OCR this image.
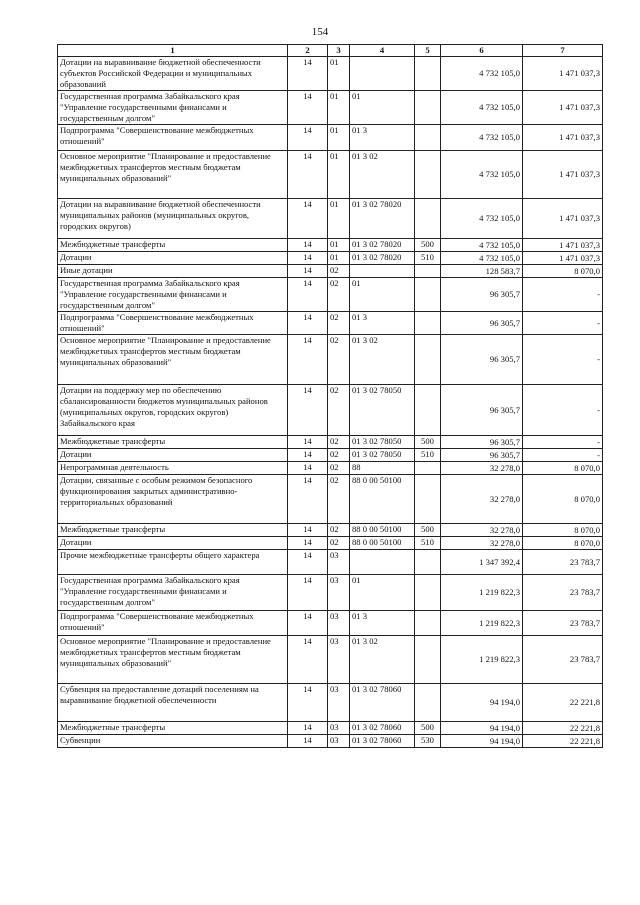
154
1	2	3	4	5	6	7
Дотации на выравнивание бюджетной обеспеченности субъектов Российской Федерации и муниципальных образований	14	01			4 732 105,0	1 471 037,3
Государственная программа Забайкальского края "Управление государственными финансами и государственным долгом"	14	01	01		4 732 105,0	1 471 037,3
Подпрограмма "Совершенствование межбюджетных отношений"	14	01	01 3		4 732 105,0	1 471 037,3
Основное мероприятие "Планирование и предоставление межбюджетных трансфертов местным бюджетам муниципальных образований"	14	01	01 3 02		4 732 105,0	1 471 037,3
Дотации на выравнивание бюджетной обеспеченности муниципальных районов (муниципальных округов, городских округов)	14	01	01 3 02 78020		4 732 105,0	1 471 037,3
Межбюджетные трансферты	14	01	01 3 02 78020	500	4 732 105,0	1 471 037,3
Дотации	14	01	01 3 02 78020	510	4 732 105,0	1 471 037,3
Иные дотации	14	02			128 583,7	8 070,0
Государственная программа Забайкальского края "Управление государственными финансами и государственным долгом"	14	02	01		96 305,7	-
Подпрограмма "Совершенствование межбюджетных отношений"	14	02	01 3		96 305,7	-
Основное мероприятие "Планирование и предоставление межбюджетных трансфертов местным бюджетам муниципальных образований"	14	02	01 3 02		96 305,7	-
Дотации на поддержку мер по обеспечению сбалансированности бюджетов муниципальных районов (муниципальных округов, городских округов) Забайкальского края	14	02	01 3 02 78050		96 305,7	-
Межбюджетные трансферты	14	02	01 3 02 78050	500	96 305,7	-
Дотации	14	02	01 3 02 78050	510	96 305,7	-
Непрограммная деятельность	14	02	88		32 278,0	8 070,0
Дотации, связанные с особым режимом безопасного функционирования закрытых административно-территориальных образований	14	02	88 0 00 50100		32 278,0	8 070,0
Межбюджетные трансферты	14	02	88 0 00 50100	500	32 278,0	8 070,0
Дотации	14	02	88 0 00 50100	510	32 278,0	8 070,0
Прочие межбюджетные трансферты общего характера	14	03			1 347 392,4	23 783,7
Государственная программа Забайкальского края "Управление государственными финансами и государственным долгом"	14	03	01		1 219 822,3	23 783,7
Подпрограмма "Совершенствование межбюджетных отношений"	14	03	01 3		1 219 822,3	23 783,7
Основное мероприятие "Планирование и предоставление межбюджетных трансфертов местным бюджетам муниципальных образований"	14	03	01 3 02		1 219 822,3	23 783,7
Субвенция на предоставление дотаций поселениям на выравнивание бюджетной обеспеченности	14	03	01 3 02 78060		94 194,0	22 221,8
Межбюджетные трансферты	14	03	01 3 02 78060	500	94 194,0	22 221,8
Субвенции	14	03	01 3 02 78060	530	94 194,0	22 221,8
